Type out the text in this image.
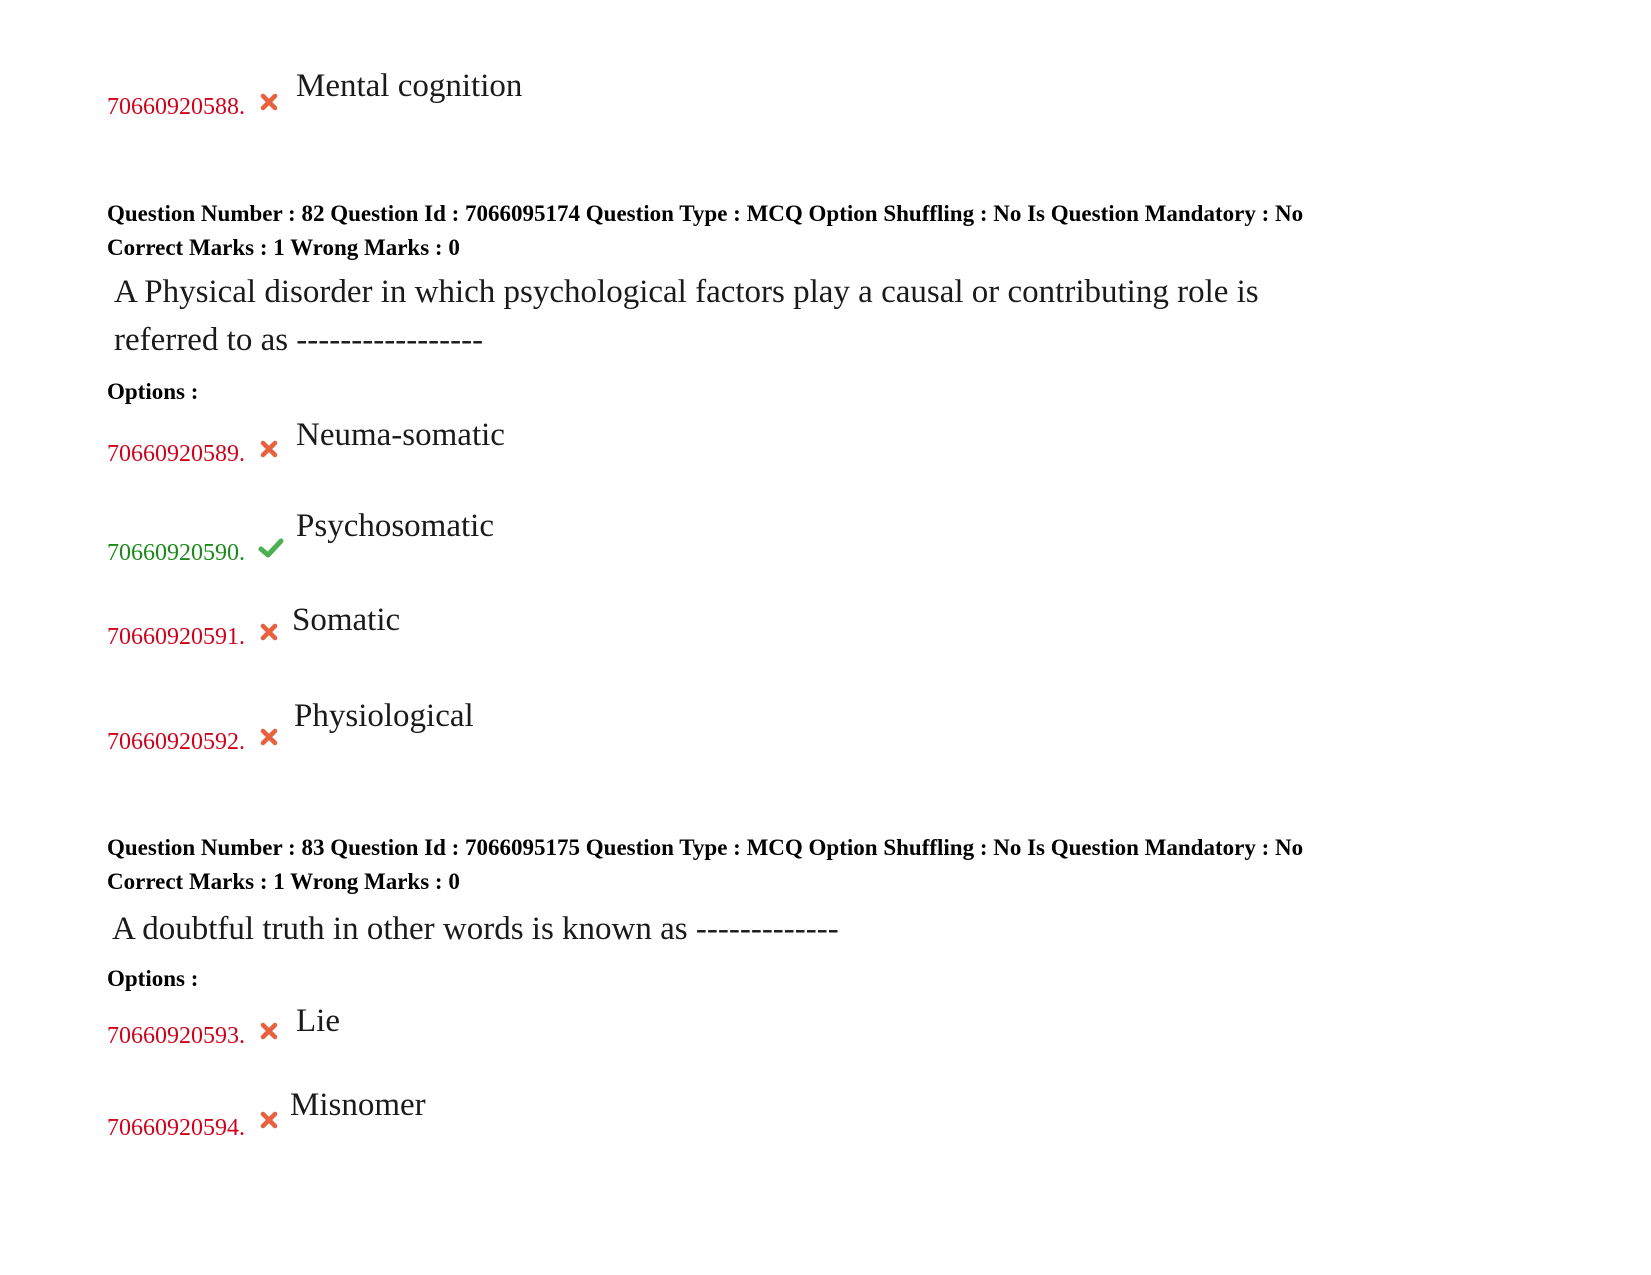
70660920588.
Mental cognition
Question Number : 82 Question Id : 7066095174 Question Type : MCQ Option Shuffling : No Is Question Mandatory : No
Correct Marks : 1 Wrong Marks : 0
A Physical disorder in which psychological factors play a causal or contributing role is
referred to as -----------------
Options :
70660920589.
Neuma-somatic
70660920590.
Psychosomatic
70660920591. Somatic
70660920592.
Physiological
Question Number : 83 Question Id : 7066095175 Question Type : MCQ Option Shuffling : No Is Question Mandatory : No
Correct Marks : 1 Wrong Marks : 0
A doubtful truth in other words is known as -------------
Options :
70660920593. Lie
70660920594.
Misnomer
